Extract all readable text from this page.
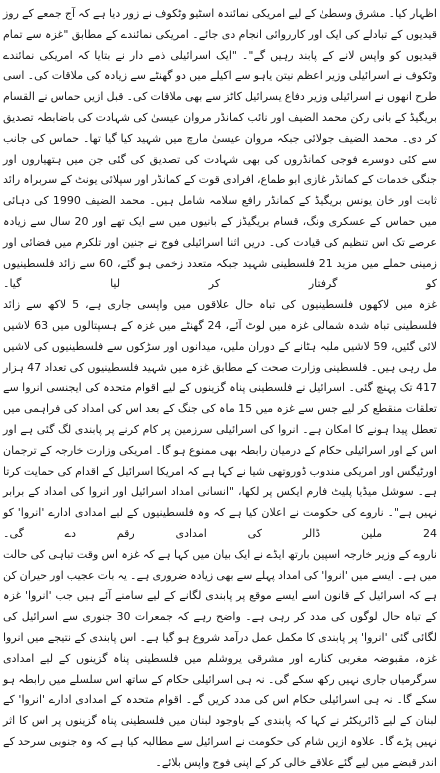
اظہار کیا۔ مشرق وسطیٰ کے لیے امریکی نمائندہ اسٹیو وٹکوف نے زور دیا ہے کہ آج جمعے کے روز قیدیوں کے تبادلے کی ایک اور کارروائی انجام دی جائے۔ امریکی نمائندے کے مطابق "غزہ سے تمام قیدیوں کو واپس لانے کے پابند رہیں گے"۔ "ایک اسرائیلی ذمے دار نے بتایا کہ امریکی نمائندے وٹکوف نے اسرائیلی وزیر اعظم نیتن یاہو سے اکیلے میں دو گھنٹے سے زیادہ کی ملاقات کی۔ اسی طرح انھوں نے اسرائیلی وزیر دفاع یسرائیل کاٹز سے بھی ملاقات کی۔ قبل ازیں حماس نے القسام بریگیڈ کے بانی رکن محمد الضیف اور نائب کمانڈر مروان عیسیٰ کی شہادت کی باضابطہ تصدیق کر دی۔ محمد الضیف جولائی جبکہ مروان عیسیٰ مارچ میں شہید کیا گیا تھا۔ حماس کی جانب سے کئی دوسرے فوجی کمانڈروں کی بھی شہادت کی تصدیق کی گئی جن میں ہتھیاروں اور جنگی خدمات کے کمانڈر غازی ابو طماع، افرادی قوت کے کمانڈر اور سپلائی یونٹ کے سربراہ رائد ثابت اور خان یونس بریگیڈ کے کمانڈر رافع سلامہ شامل ہیں۔ محمد الضیف 1990 کی دہائی میں حماس کے عسکری ونگ، قسام بریگیڈز کے بانیوں میں سے ایک تھے اور 20 سال سے زیادہ عرصے تک اس تنظیم کی قیادت کی۔ دریں اثنا اسرائیلی فوج نے جنین اور تلکرم میں فضائی اور زمینی حملے میں مزید 21 فلسطینی شہید جبکہ متعدد زخمی ہو گئے، 60 سے زائد فلسطینیوں کو گرفتار کر لیا گیا۔

غزہ میں لاکھوں فلسطینیوں کی تباہ حال علاقوں میں واپسی جاری ہے، 5 لاکھ سے زائد فلسطینی تباہ شدہ شمالی غزہ میں لوٹ آئے، 24 گھنٹے میں غزہ کے ہسپتالوں میں 63 لاشیں لائی گئیں، 59 لاشیں ملبہ ہٹانے کے دوران ملیں، میدانوں اور سڑکوں سے فلسطینیوں کی لاشیں مل رہی ہیں۔ فلسطینی وزارت صحت کے مطابق غزہ میں شہید فلسطینیوں کی تعداد 47 ہزار 417 تک پہنچ گئی۔ اسرائیل نے فلسطینی پناہ گزینوں کے لیے اقوام متحدہ کی ایجنسی انروا سے تعلقات منقطع کر لیے جس سے غزہ میں 15 ماہ کی جنگ کے بعد اس کی امداد کی فراہمی میں تعطل پیدا ہونے کا امکان ہے۔ انروا کی اسرائیلی سرزمین پر کام کرنے پر پابندی لگ گئی ہے اور اس کے اور اسرائیلی حکام کے درمیان رابطہ بھی ممنوع ہو گا۔ امریکی وزارت خارجہ کے ترجمان اورٹیگس اور امریکی مندوب ڈوروتھی شیا نے کہا ہے کہ امریکا اسرائیل کے اقدام کی حمایت کرتا ہے۔ سوشل میڈیا پلیٹ فارم ایکس پر لکھا، "انسانی امداد اسرائیل اور انروا کی امداد کے برابر نہیں ہے"۔ ناروے کی حکومت نے اعلان کیا ہے کہ وہ فلسطینیوں کے لیے امدادی ادارے 'انروا' کو 24 ملین ڈالر کی امدادی رقم دے گی۔

ناروے کے وزیر خارجہ اسپین بارتھ ایڈے نے ایک بیان میں کہا ہے کہ غزہ اس وقت تباہی کی حالت میں ہے۔ ایسے میں 'انروا' کی امداد پہلے سے بھی زیادہ ضروری ہے۔ یہ بات عجیب اور حیران کن ہے کہ اسرائیل کے قانون اسے ایسے موقع پر پابندی لگانے کے لیے سامنے آئے ہیں جب 'انروا' غزہ کے تباہ حال لوگوں کی مدد کر رہی ہے۔ واضح رہے کہ جمعرات 30 جنوری سے اسرائیل کی لگائی گئی 'انروا' پر پابندی کا مکمل عمل درآمد شروع ہو گیا ہے۔ اس پابندی کے نتیجے میں انروا غزہ، مقبوضہ مغربی کنارے اور مشرقی یروشلم میں فلسطینی پناہ گزینوں کے لیے امدادی سرگرمیاں جاری نہیں رکھ سکے گی۔ نہ ہی اسرائیلی حکام کے ساتھ اس سلسلے میں رابطہ ہو سکے گا۔ نہ ہی اسرائیلی حکام اس کی مدد کریں گے۔ اقوام متحدہ کے امدادی ادارے 'انروا' کے لبنان کے لیے ڈائریکٹر نے کہا کہ پابندی کے باوجود لبنان میں فلسطینی پناہ گزینوں پر اس کا اثر نہیں پڑے گا۔ علاوہ ازیں شام کی حکومت نے اسرائیل سے مطالبہ کیا ہے کہ وہ جنوبی سرحد کے اندر قبضے میں لیے گئے علاقے خالی کر کے اپنی فوج واپس بلائے۔
